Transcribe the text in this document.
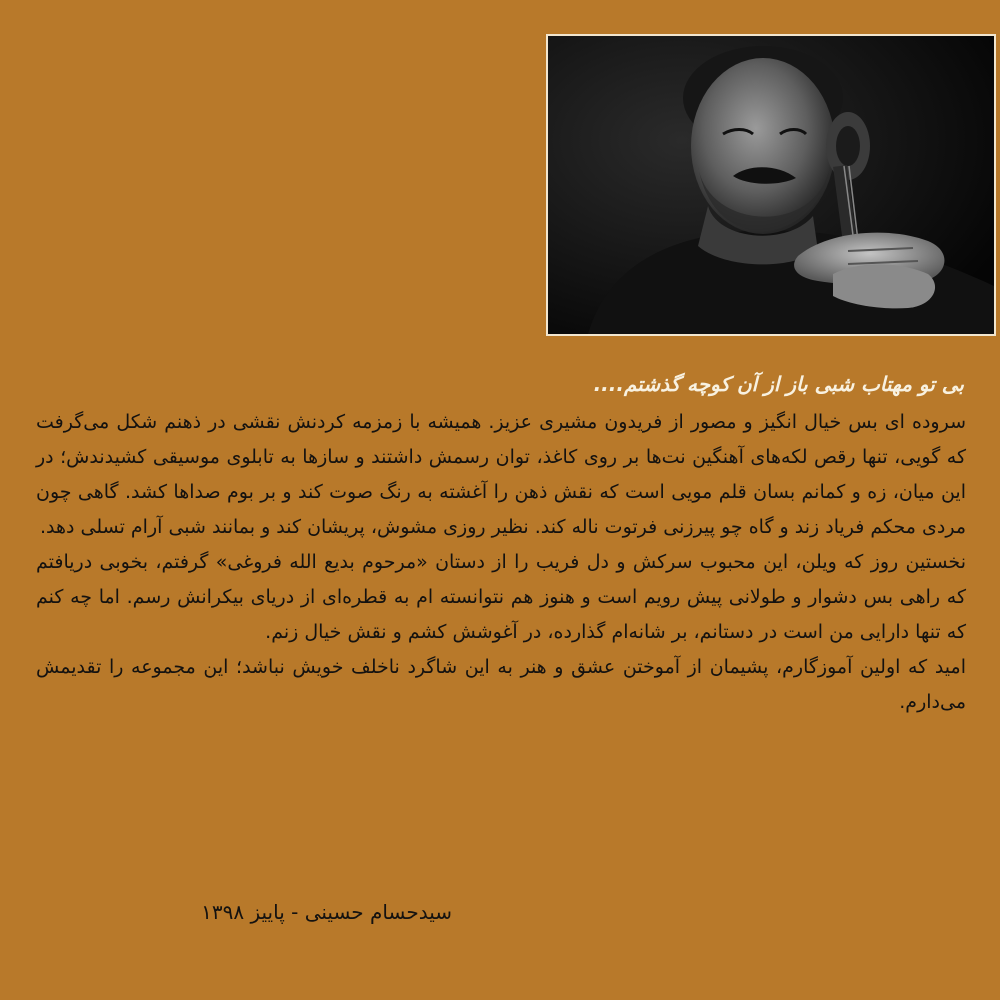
بی تو مهتاب شبی باز از آن کوچه گذشتم....

سروده ای بس خیال انگیز و مصور از فریدون مشیری عزیز. همیشه با زمزمه کردنش نقشی در ذهنم شکل می‌گرفت که گویی، تنها رقص لکه‌های آهنگین نت‌ها بر روی کاغذ، توان رسمش داشتند و سازها به تابلوی موسیقی کشیدندش؛ در این میان، زه و کمانم بسان قلم مویی است که نقش ذهن را آغشته به رنگ صوت کند و بر بوم صداها کشد. گاهی چون مردی محکم فریاد زند و گاه چو پیرزنی فرتوت ناله کند. نظیر روزی مشوش، پریشان کند و بمانند شبی آرام تسلی دهد.

نخستین روز که ویلن، این محبوب سرکش و دل فریب را از دستان «مرحوم بدیع الله فروغی» گرفتم، بخوبی دریافتم که راهی بس دشوار و طولانی پیش رویم است و هنوز هم نتوانسته ام به قطره‌ای از دریای بیکرانش رسم. اما چه کنم که تنها دارایی من است در دستانم، بر شانه‌ام گذارده، در آغوشش کشم و نقش خیال زنم.

امید که اولین آموزگارم، پشیمان از آموختن عشق و هنر به این شاگرد ناخلف خویش نباشد؛ این مجموعه را تقدیمش می‌دارم.

سیدحسام حسینی - پاییز ۱۳۹۸
